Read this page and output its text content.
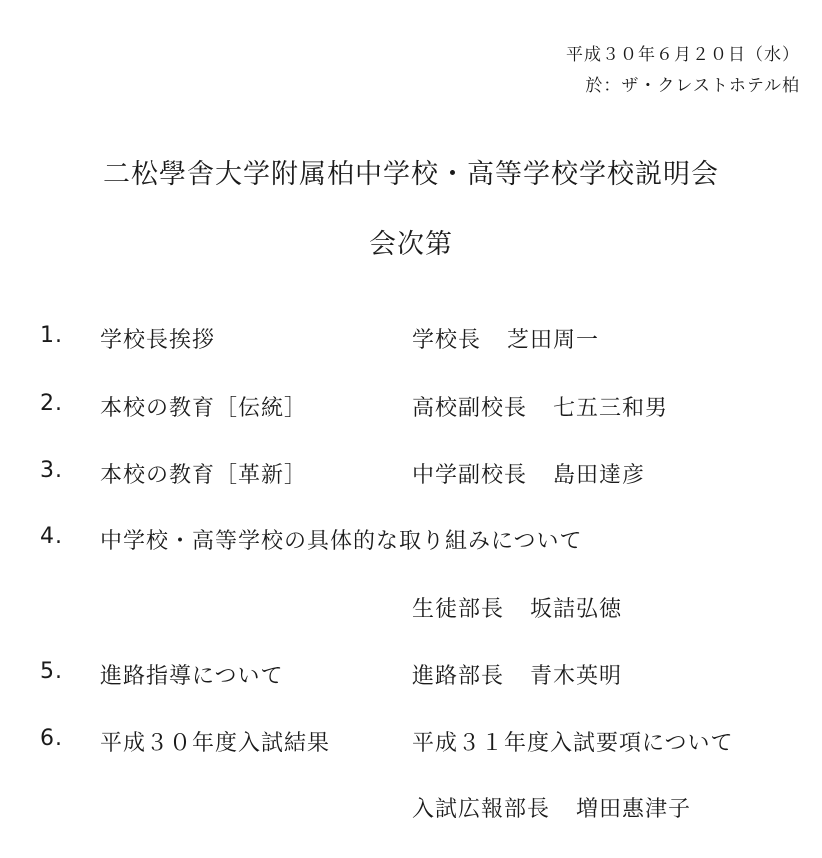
平成３０年６月２０日（水）
於：ザ・クレストホテル柏
二松學舎大学附属柏中学校・高等学校学校説明会
会次第
1. 学校長挨拶	学校長 芝田周一
2. 本校の教育［伝統］	高校副校長 七五三和男
3. 本校の教育［革新］	中学副校長 島田達彦
4. 中学校・高等学校の具体的な取り組みについて
生徒部長 坂詰弘徳
5. 進路指導について	進路部長 青木英明
6. 平成３０年度入試結果	平成３１年度入試要項について
入試広報部長 増田惠津子
